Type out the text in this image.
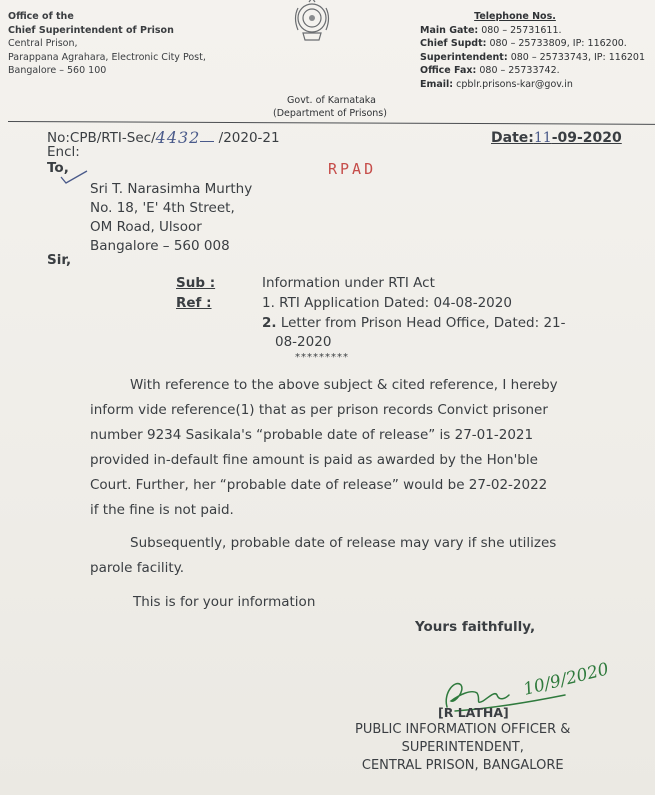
Office of the
Chief Superintendent of Prison
Central Prison,
Parappana Agrahara, Electronic City Post,
Bangalore – 560 100
Govt. of Karnataka
(Department of Prisons)
Telephone Nos.
Main Gate: 080 – 25731611.
Chief Supdt: 080 – 25733809, IP: 116200.
Superintendent: 080 – 25733743, IP: 116201
Office Fax: 080 – 25733742.
Email: cpblr.prisons-kar@gov.in
No:CPB/RTI-Sec/4432 /2020-21
Encl:
Date:11-09-2020
To,	RPAD
Sri T. Narasimha Murthy
No. 18, 'E' 4th Street,
OM Road, Ulsoor
Bangalore – 560 008
Sir,
Sub :
Ref :
Information under RTI Act
1. RTI Application Dated: 04-08-2020
2. Letter from Prison Head Office, Dated: 21-
08-2020
*********
With reference to the above subject & cited reference, I hereby
inform vide reference(1) that as per prison records Convict prisoner
number 9234 Sasikala's “probable date of release” is 27-01-2021
provided in-default fine amount is paid as awarded by the Hon'ble
Court. Further, her “probable date of release” would be 27-02-2022
if the fine is not paid.
Subsequently, probable date of release may vary if she utilizes
parole facility.
This is for your information
Yours faithfully,
10/9/2020
[R LATHA]
PUBLIC INFORMATION OFFICER &
SUPERINTENDENT,
CENTRAL PRISON, BANGALORE
